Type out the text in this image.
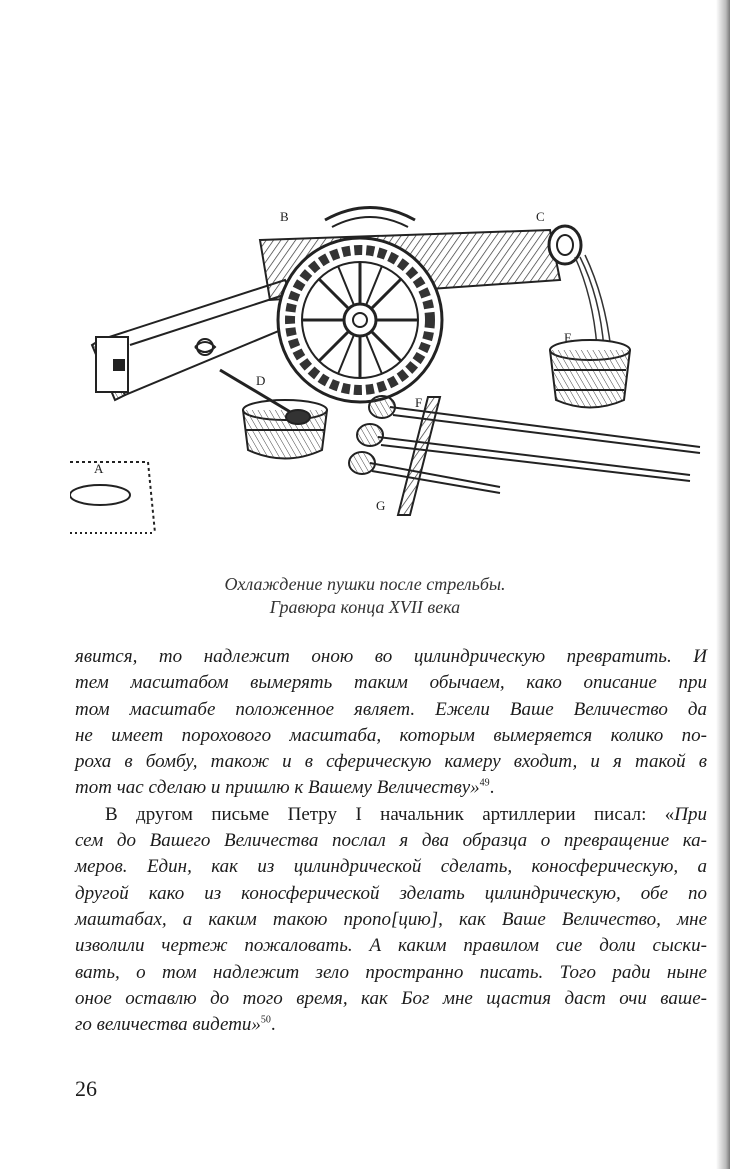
B	C
D
E
F
G
A
Охлаждение пушки после стрельбы.
Гравюра конца XVII века
явится, то надлежит оною во цилиндрическую превратить. И
тем масштабом вымерять таким обычаем, како описание при
том масштабе положенное являет. Ежели Ваше Величество да
не имеет порохового масштаба, которым вымеряется колико по-
роха в бомбу, також и в сферическую камеру входит, и я такой в
тот час сделаю и пришлю к Вашему Величеству»$^{49}$.
В другом письме Петру I начальник артиллерии писал: «При
сем до Вашего Величества послал я два образца о превращение ка-
меров. Един, как из цилиндрической сделать, коносферическую, а
другой како из коносферической зделать цилиндрическую, обе по
маштабах, а каким такою пропо[цию], как Ваше Величество, мне
изволили чертеж пожаловать. А каким правилом сие доли сыски-
вать, о том надлежит зело пространно писать. Того ради ныне
оное оставлю до того время, как Бог мне щастия даст очи ваше-
го величества видети»$^{50}$.
26
